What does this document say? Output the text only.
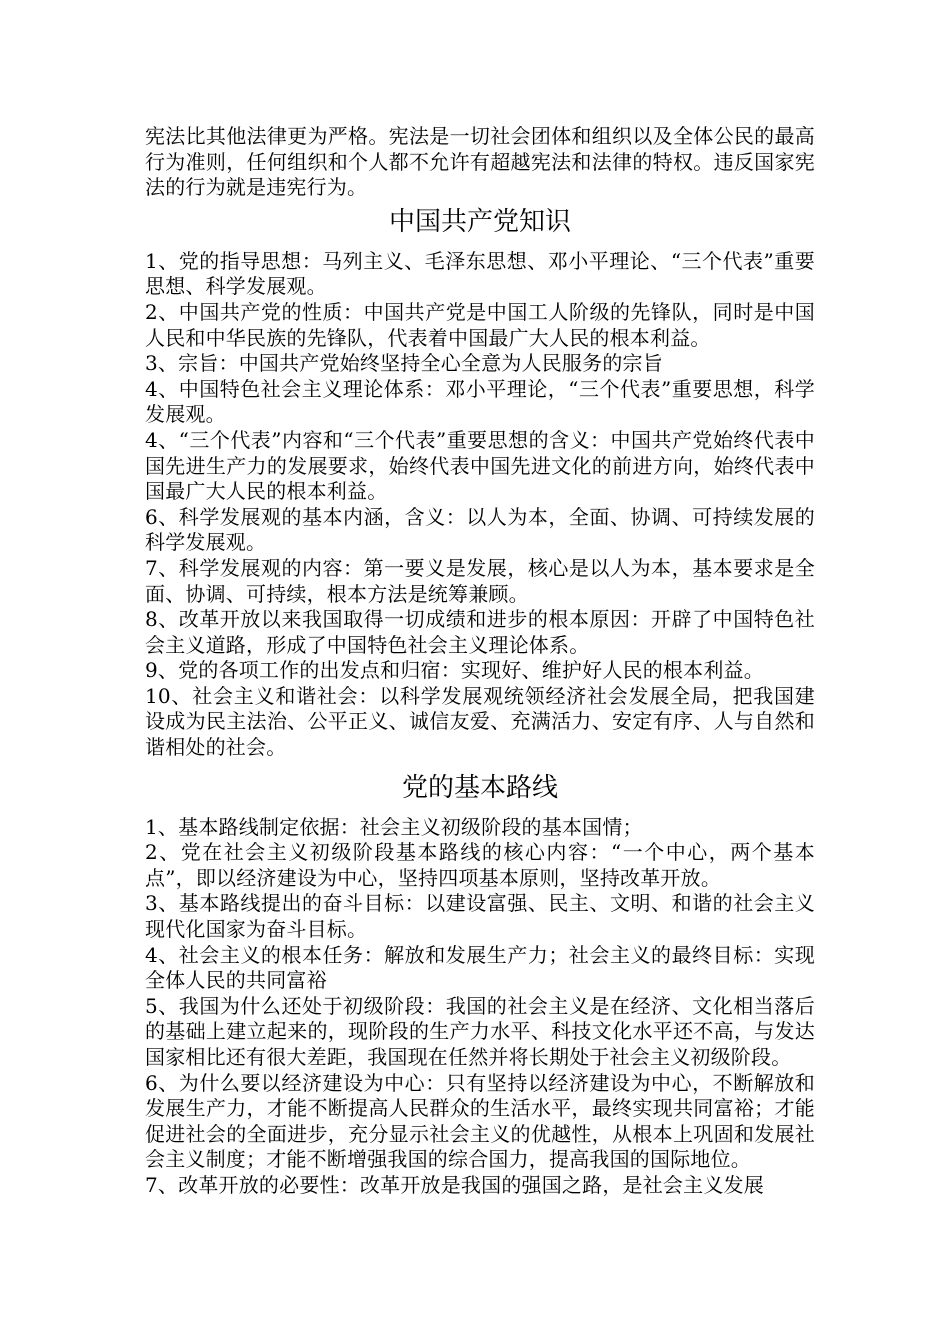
宪法比其他法律更为严格。宪法是一切社会团体和组织以及全体公民的最高行为准则，任何组织和个人都不允许有超越宪法和法律的特权。违反国家宪法的行为就是违宪行为。

中国共产党知识

1、党的指导思想：马列主义、毛泽东思想、邓小平理论、“三个代表”重要思想、科学发展观。

2、中国共产党的性质：中国共产党是中国工人阶级的先锋队，同时是中国人民和中华民族的先锋队，代表着中国最广大人民的根本利益。

3、宗旨：中国共产党始终坚持全心全意为人民服务的宗旨

4、中国特色社会主义理论体系：邓小平理论，“三个代表”重要思想，科学发展观。

4、“三个代表”内容和“三个代表”重要思想的含义：中国共产党始终代表中国先进生产力的发展要求，始终代表中国先进文化的前进方向，始终代表中国最广大人民的根本利益。

6、科学发展观的基本内涵，含义：以人为本，全面、协调、可持续发展的科学发展观。

7、科学发展观的内容：第一要义是发展，核心是以人为本，基本要求是全面、协调、可持续，根本方法是统筹兼顾。

8、改革开放以来我国取得一切成绩和进步的根本原因：开辟了中国特色社会主义道路，形成了中国特色社会主义理论体系。

9、党的各项工作的出发点和归宿：实现好、维护好人民的根本利益。

10、社会主义和谐社会：以科学发展观统领经济社会发展全局，把我国建设成为民主法治、公平正义、诚信友爱、充满活力、安定有序、人与自然和谐相处的社会。

党的基本路线

1、基本路线制定依据：社会主义初级阶段的基本国情；

2、党在社会主义初级阶段基本路线的核心内容：“一个中心，两个基本点”，即以经济建设为中心，坚持四项基本原则，坚持改革开放。

3、基本路线提出的奋斗目标：以建设富强、民主、文明、和谐的社会主义现代化国家为奋斗目标。

4、社会主义的根本任务：解放和发展生产力；社会主义的最终目标：实现全体人民的共同富裕

5、我国为什么还处于初级阶段：我国的社会主义是在经济、文化相当落后的基础上建立起来的，现阶段的生产力水平、科技文化水平还不高，与发达国家相比还有很大差距，我国现在任然并将长期处于社会主义初级阶段。

6、为什么要以经济建设为中心：只有坚持以经济建设为中心，不断解放和发展生产力，才能不断提高人民群众的生活水平，最终实现共同富裕；才能促进社会的全面进步，充分显示社会主义的优越性，从根本上巩固和发展社会主义制度；才能不断增强我国的综合国力，提高我国的国际地位。

7、改革开放的必要性：改革开放是我国的强国之路，是社会主义发展
